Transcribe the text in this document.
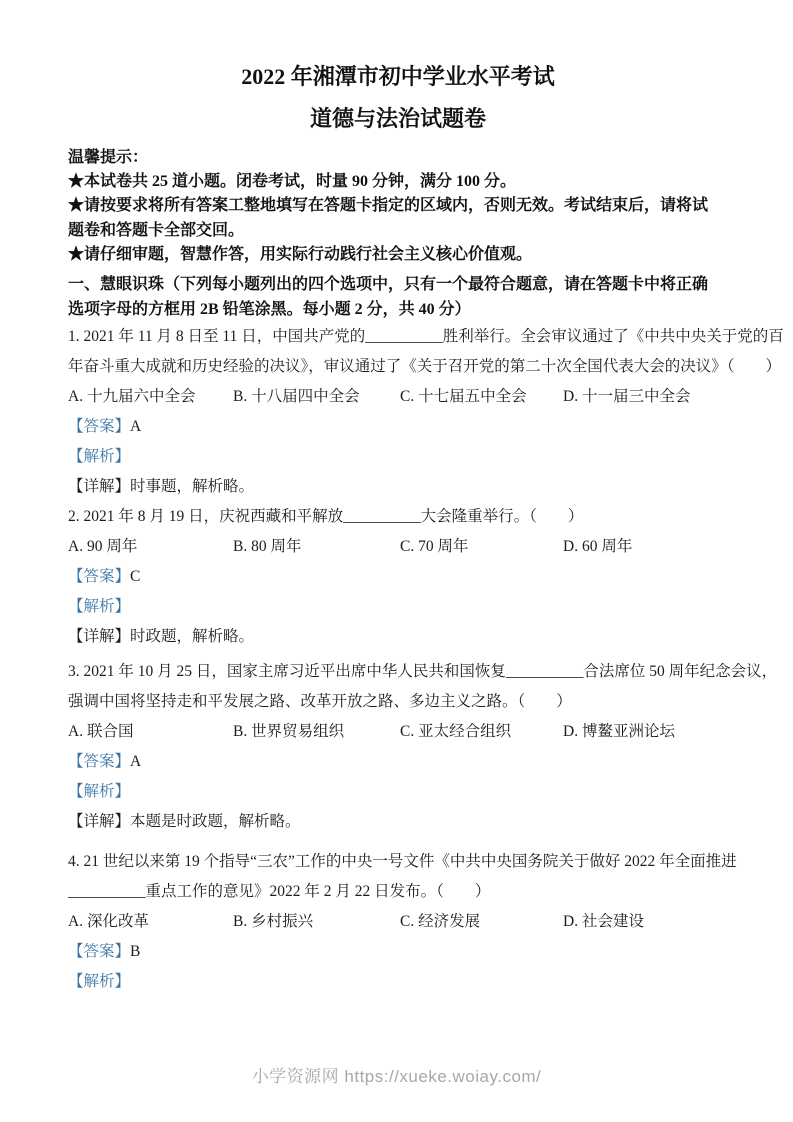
2022 年湘潭市初中学业水平考试
道德与法治试题卷
温馨提示：
★本试卷共 25 道小题。闭卷考试，时量 90 分钟，满分 100 分。
★请按要求将所有答案工整地填写在答题卡指定的区域内，否则无效。考试结束后，请将试
题卷和答题卡全部交回。
★请仔细审题，智慧作答，用实际行动践行社会主义核心价值观。
一、慧眼识珠（下列每小题列出的四个选项中，只有一个最符合题意，请在答题卡中将正确
选项字母的方框用 2B 铅笔涂黑。每小题 2 分，共 40 分）
1. 2021 年 11 月 8 日至 11 日，中国共产党的__________胜利举行。全会审议通过了《中共中央关于党的百
年奋斗重大成就和历史经验的决议》，审议通过了《关于召开党的第二十次全国代表大会的决议》（　　）
A. 十九届六中全会	B. 十八届四中全会	C. 十七届五中全会	D. 十一届三中全会
【答案】A
【解析】
【详解】时事题，解析略。
2. 2021 年 8 月 19 日，庆祝西藏和平解放__________大会隆重举行。（　　）
A. 90 周年	B. 80 周年	C. 70 周年	D. 60 周年
【答案】C
【解析】
【详解】时政题，解析略。
3. 2021 年 10 月 25 日，国家主席习近平出席中华人民共和国恢复__________合法席位 50 周年纪念会议，
强调中国将坚持走和平发展之路、改革开放之路、多边主义之路。（　　）
A. 联合国	B. 世界贸易组织	C. 亚太经合组织	D. 博鳌亚洲论坛
【答案】A
【解析】
【详解】本题是时政题，解析略。
4. 21 世纪以来第 19 个指导“三农”工作的中央一号文件《中共中央国务院关于做好 2022 年全面推进
__________重点工作的意见》2022 年 2 月 22 日发布。（　　）
A. 深化改革	B. 乡村振兴	C. 经济发展	D. 社会建设
【答案】B
【解析】
小学资源网 https://xueke.woiay.com/
